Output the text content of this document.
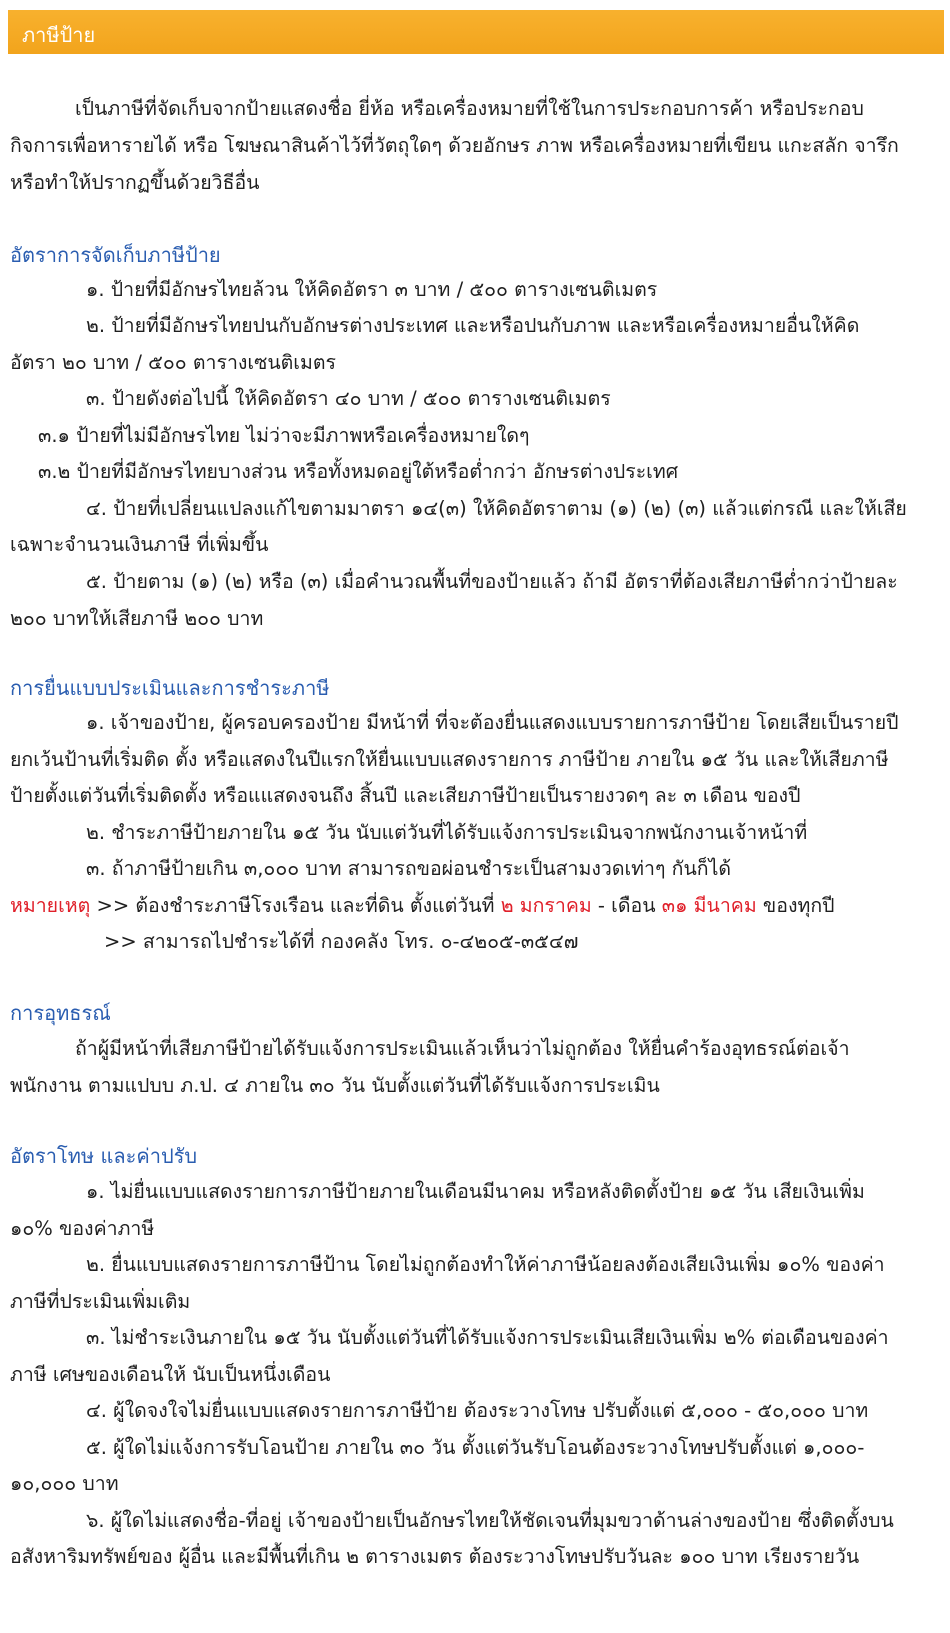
ภาษีป้าย
เป็นภาษีที่จัดเก็บจากป้ายแสดงชื่อ ยี่ห้อ หรือเครื่องหมายที่ใช้ในการประกอบการค้า หรือประกอบ
กิจการเพื่อหารายได้ หรือ โฆษณาสินค้าไว้ที่วัตถุใดๆ ด้วยอักษร ภาพ หรือเครื่องหมายที่เขียน แกะสลัก จารึก
หรือทำให้ปรากฏขึ้นด้วยวิธีอื่น
อัตราการจัดเก็บภาษีป้าย
๑. ป้ายที่มีอักษรไทยล้วน ให้คิดอัตรา ๓ บาท / ๕๐๐ ตารางเซนติเมตร
๒. ป้ายที่มีอักษรไทยปนกับอักษรต่างประเทศ และหรือปนกับภาพ และหรือเครื่องหมายอื่นให้คิด
อัตรา ๒๐ บาท / ๕๐๐ ตารางเซนติเมตร
๓. ป้ายดังต่อไปนี้ ให้คิดอัตรา ๔๐ บาท / ๕๐๐ ตารางเซนติเมตร
๓.๑ ป้ายที่ไม่มีอักษรไทย ไม่ว่าจะมีภาพหรือเครื่องหมายใดๆ
๓.๒ ป้ายที่มีอักษรไทยบางส่วน หรือทั้งหมดอยู่ใต้หรือต่ำกว่า อักษรต่างประเทศ
๔. ป้ายที่เปลี่ยนแปลงแก้ไขตามมาตรา ๑๔(๓) ให้คิดอัตราตาม (๑) (๒) (๓) แล้วแต่กรณี และให้เสีย
เฉพาะจำนวนเงินภาษี ที่เพิ่มขึ้น
๕. ป้ายตาม (๑) (๒) หรือ (๓) เมื่อคำนวณพื้นที่ของป้ายแล้ว ถ้ามี อัตราที่ต้องเสียภาษีต่ำกว่าป้ายละ
๒๐๐ บาทให้เสียภาษี ๒๐๐ บาท
การยื่นแบบประเมินและการชำระภาษี
๑. เจ้าของป้าย, ผู้ครอบครองป้าย มีหน้าที่ ที่จะต้องยื่นแสดงแบบรายการภาษีป้าย โดยเสียเป็นรายปี
ยกเว้นป้านที่เริ่มติด ตั้ง หรือแสดงในปีแรกให้ยื่นแบบแสดงรายการ ภาษีป้าย ภายใน ๑๕ วัน และให้เสียภาษี
ป้ายตั้งแต่วันที่เริ่มติดตั้ง หรือแแสดงจนถึง สิ้นปี และเสียภาษีป้ายเป็นรายงวดๆ ละ ๓ เดือน ของปี
๒. ชำระภาษีป้ายภายใน ๑๕ วัน นับแต่วันที่ได้รับแจ้งการประเมินจากพนักงานเจ้าหน้าที่
๓. ถ้าภาษีป้ายเกิน ๓,๐๐๐ บาท สามารถขอผ่อนชำระเป็นสามงวดเท่าๆ กันก็ได้
หมายเหตุ >> ต้องชำระภาษีโรงเรือน และที่ดิน ตั้งแต่วันที่ ๒ มกราคม - เดือน ๓๑ มีนาคม ของทุกปี
>> สามารถไปชำระได้ที่ กองคลัง โทร. ๐-๔๒๐๕-๓๕๔๗
การอุทธรณ์
ถ้าผู้มีหน้าที่เสียภาษีป้ายได้รับแจ้งการประเมินแล้วเห็นว่าไม่ถูกต้อง ให้ยื่นคำร้องอุทธรณ์ต่อเจ้า
พนักงาน ตามแปบบ ภ.ป. ๔ ภายใน ๓๐ วัน นับตั้งแต่วันที่ได้รับแจ้งการประเมิน
อัตราโทษ และค่าปรับ
๑. ไม่ยื่นแบบแสดงรายการภาษีป้ายภายในเดือนมีนาคม หรือหลังติดตั้งป้าย ๑๕ วัน เสียเงินเพิ่ม
๑๐% ของค่าภาษี
๒. ยื่นแบบแสดงรายการภาษีป้าน โดยไม่ถูกต้องทำให้ค่าภาษีน้อยลงต้องเสียเงินเพิ่ม ๑๐% ของค่า
ภาษีที่ประเมินเพิ่มเติม
๓. ไม่ชำระเงินภายใน ๑๕ วัน นับตั้งแต่วันที่ได้รับแจ้งการประเมินเสียเงินเพิ่ม ๒% ต่อเดือนของค่า
ภาษี เศษของเดือนให้ นับเป็นหนึ่งเดือน
๔. ผู้ใดจงใจไม่ยื่นแบบแสดงรายการภาษีป้าย ต้องระวางโทษ ปรับตั้งแต่ ๕,๐๐๐ - ๕๐,๐๐๐ บาท
๕. ผู้ใดไม่แจ้งการรับโอนป้าย ภายใน ๓๐ วัน ตั้งแต่วันรับโอนต้องระวางโทษปรับตั้งแต่ ๑,๐๐๐-
๑๐,๐๐๐ บาท
๖. ผู้ใดไม่แสดงชื่อ-ที่อยู่ เจ้าของป้ายเป็นอักษรไทยให้ชัดเจนที่มุมขวาด้านล่างของป้าย ซึ่งติดตั้งบน
อสังหาริมทรัพย์ของ ผู้อื่น และมีพื้นที่เกิน ๒ ตารางเมตร ต้องระวางโทษปรับวันละ ๑๐๐ บาท เรียงรายวัน
